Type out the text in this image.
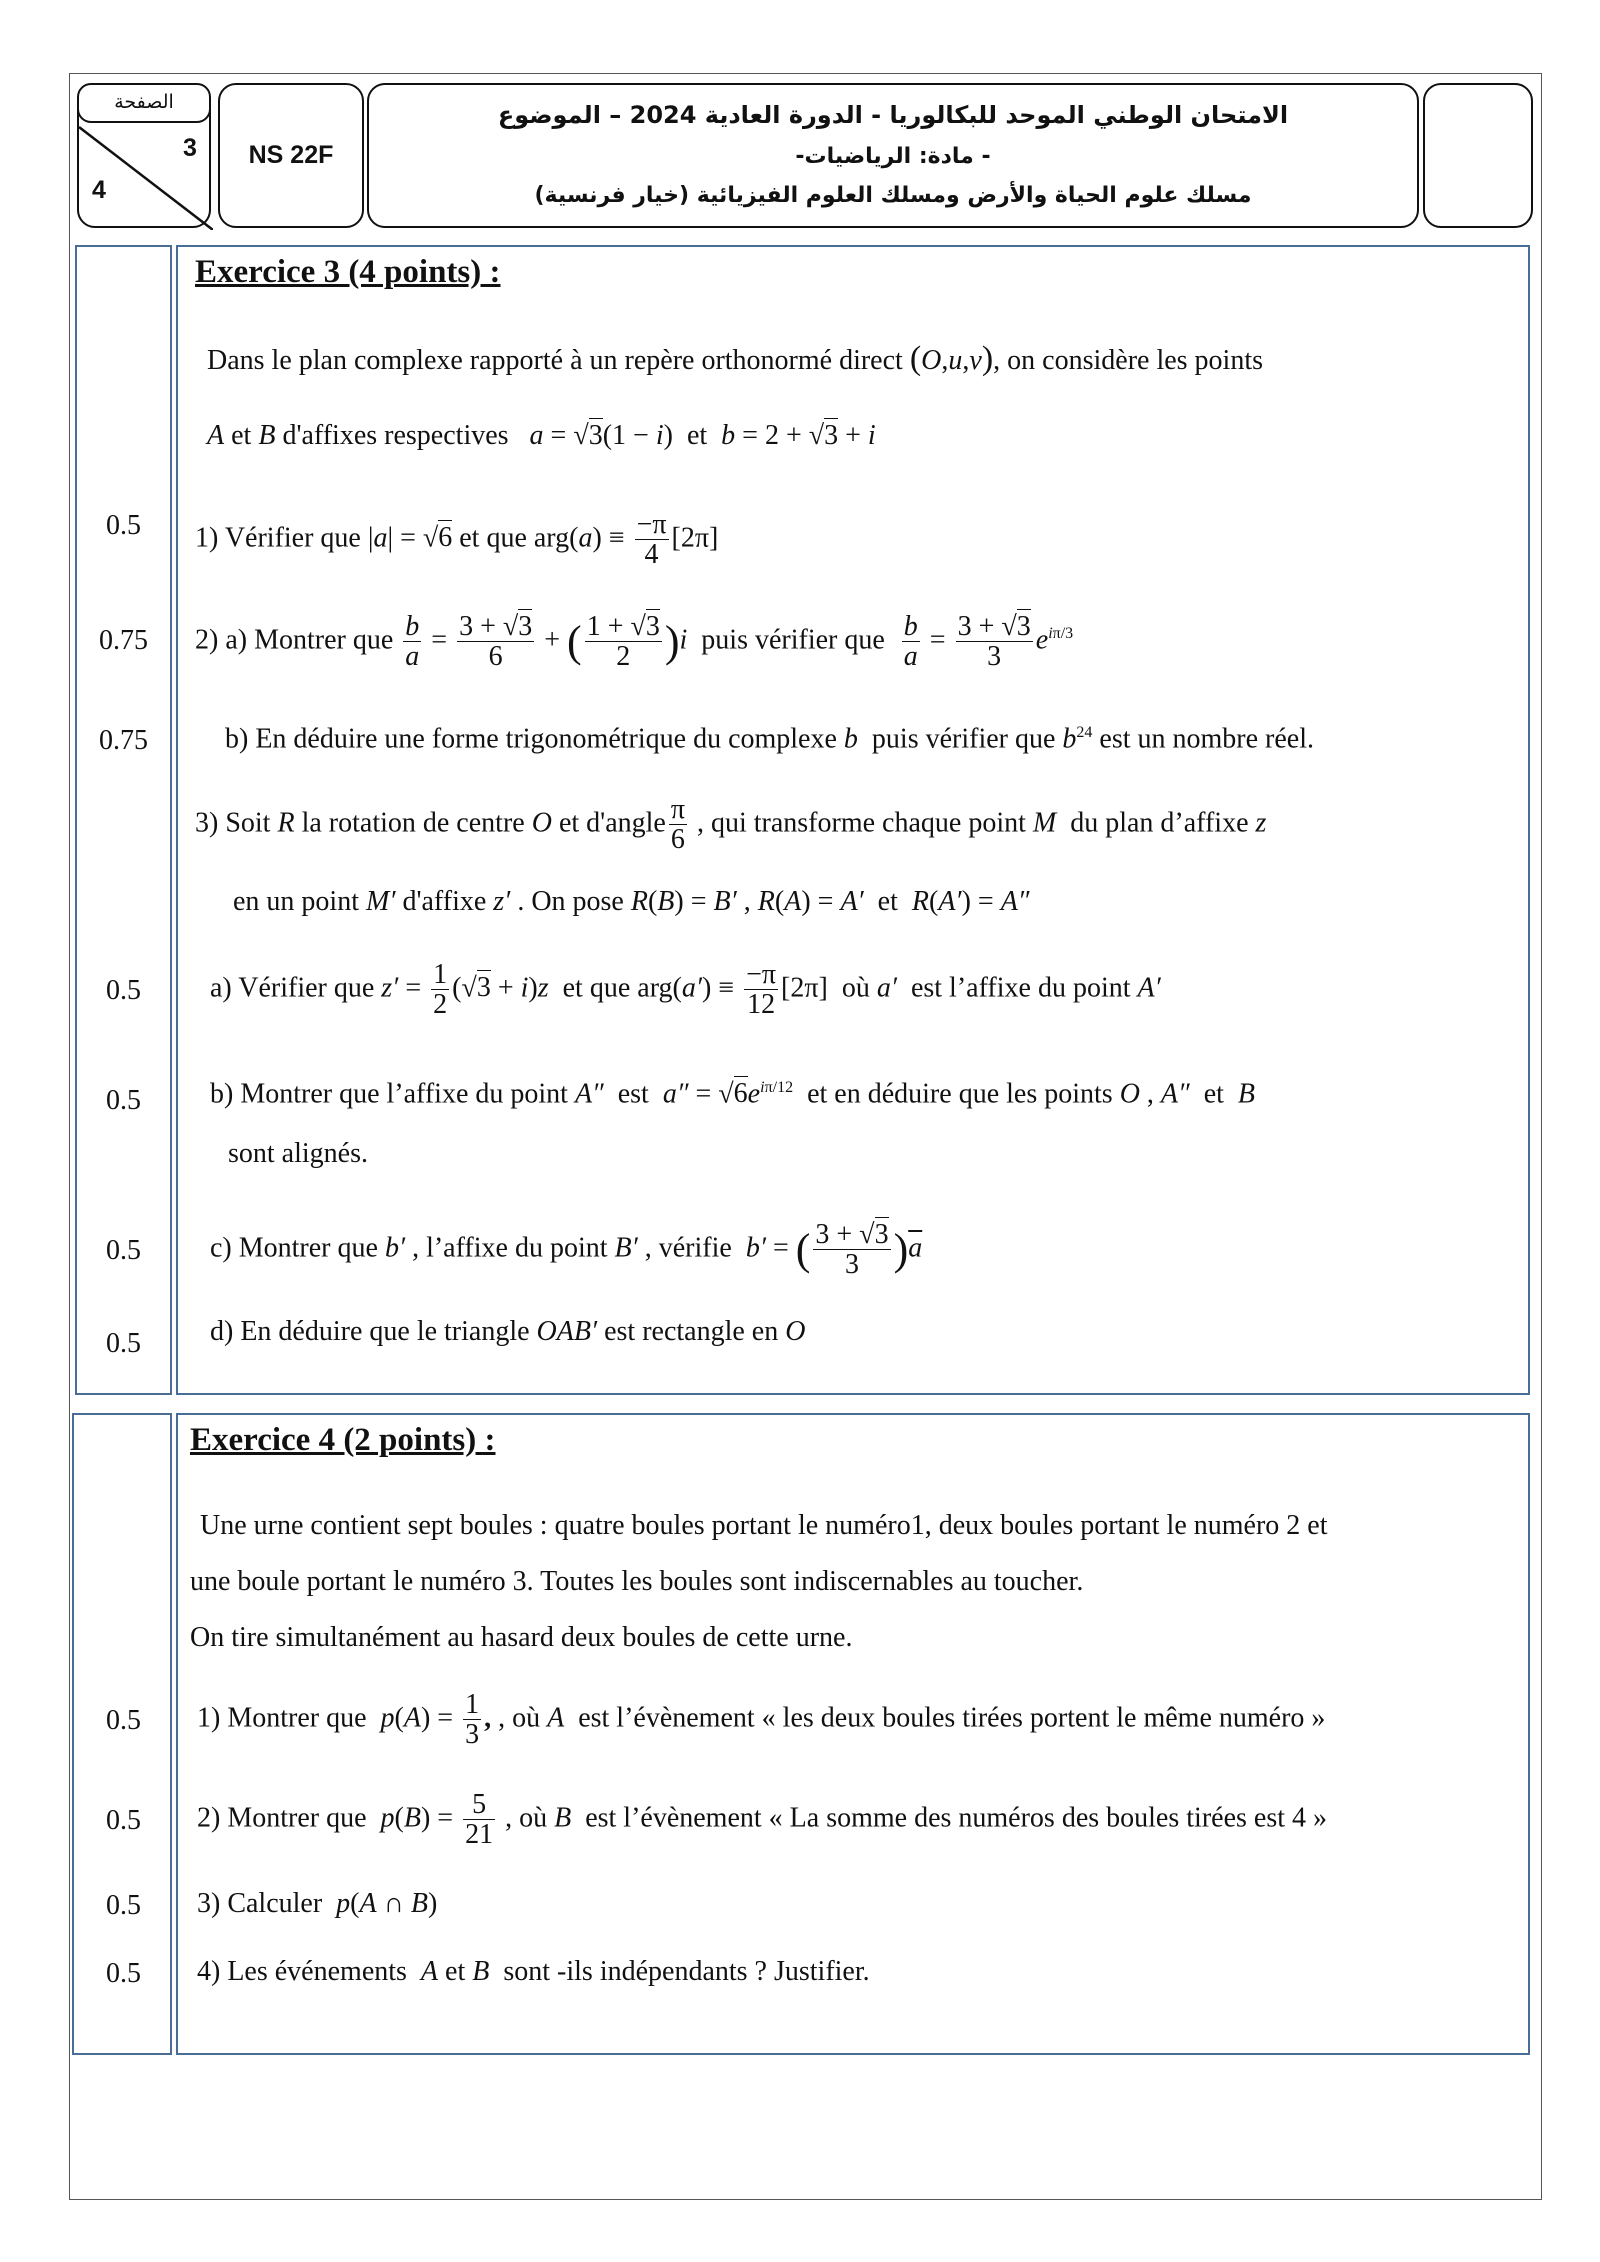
الصفحة
3
4
NS 22F
الامتحان الوطني الموحد للبكالوريا - الدورة العادية 2024 – الموضوع
- مادة: الرياضيات-
مسلك علوم الحياة والأرض ومسلك العلوم الفيزيائية (خيار فرنسية)
0.5
0.75
0.75
0.5
0.5
0.5
0.5
0.5
0.5
0.5
0.5
Exercice 3 (4 points) :
Dans le plan complexe rapporté à un repère orthonormé direct (O,u,v), on considère les points
A et B d'affixes respectives a = √3(1 − i)  et b = 2 + √3 + i
1) Vérifier que |a| = √6 et que $arg(a) \equiv \frac{-\pi}{4} [2\pi]$
2) a) Montrer que $\frac{b}{a} = \frac{3 + √3}{6}$ + ( $\frac{1 + √3}{2} )i$ puis vérifier que $\frac{b}{a} = \frac{3 + √3}{3} e^{i\pi/3}$
b) En déduire une forme trigonométrique du complexe b puis vérifier que $b^{24}$ est un nombre réel.
3) Soit R la rotation de centre O et d'angle $\frac{\pi}{6}$ , qui transforme chaque point M du plan d’affixe z
en un point M′ d'affixe z′ . On pose R(B) = B′ , R(A) = A′  et  R(A′) = A″
a) Vérifier que $z' = \frac{1}{2} (√3 + i)z$ et que $arg(a') \equiv \frac{-\pi}{12} [2\pi]$  où a′ est l’affixe du point A′
b) Montrer que l’affixe du point A″ est $a'' = √6e^{i\pi/12}$ et en déduire que les points O , A″  et  B
sont alignés.
c) Montrer que b′ , l’affixe du point B′ , vérifie b′ = ( $\frac{3 + √3}{3} )\overline{a}$
d) En déduire que le triangle OAB′ est rectangle en O
Exercice 4 (2 points) :
Une urne contient sept boules : quatre boules portant le numéro1, deux boules portant le numéro 2 et
une boule portant le numéro 3. Toutes les boules sont indiscernables au toucher.
On tire simultanément au hasard deux boules de cette urne.
1) Montrer que $p(A) = \frac{1}{3}$ , , où A est l’évènement « les deux boules tirées portent le même numéro »
2) Montrer que $p(B) = \frac{5}{21}$ , où B est l’évènement « La somme des numéros des boules tirées est 4 »
3) Calculer p(A ∩ B)
4) Les événements A et B sont -ils indépendants ? Justifier.
